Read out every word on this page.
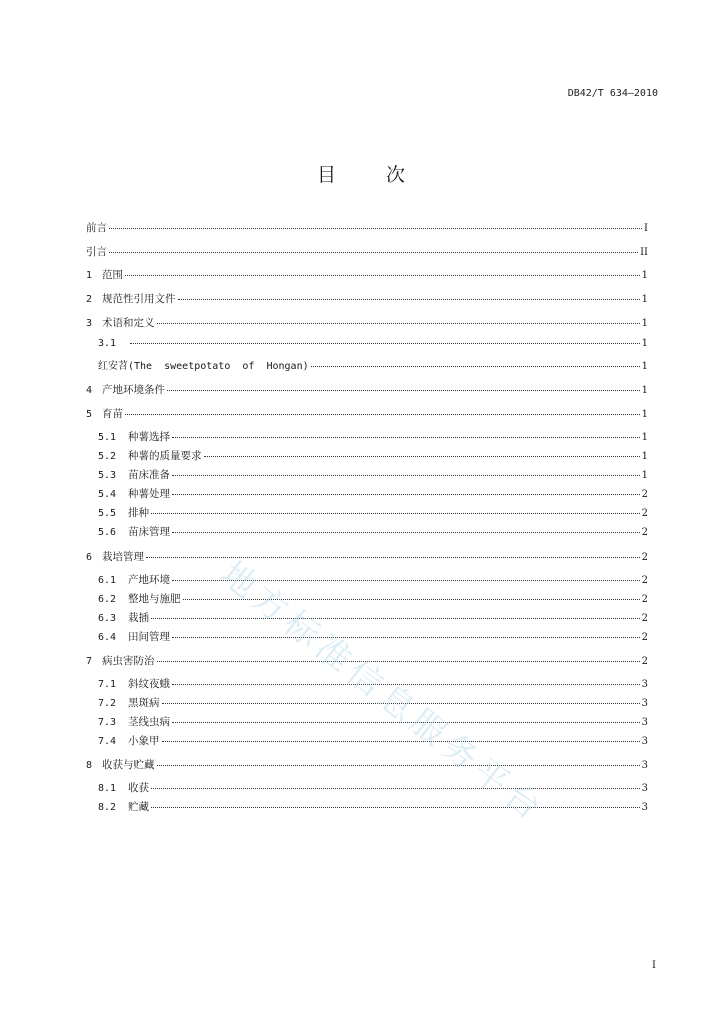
DB42/T 634—2010
目	次
前言	I
引言	II
1 范围	1
2 规范性引用文件	1
3 术语和定义	1
3.1	1
红安苕(The  sweetpotato  of  Hongan)	1
4 产地环境条件	1
5 育苗	1
5.1	种薯选择	1
5.2	种薯的质量要求	1
5.3	苗床准备	1
5.4	种薯处理	2
5.5	排种	2
5.6	苗床管理	2
6 栽培管理	2
6.1	产地环境	2
6.2	整地与施肥	2
6.3	栽插	2
6.4	田间管理	2
7 病虫害防治	2
7.1	斜纹夜蛾	3
7.2	黑斑病	3
7.3	茎线虫病	3
7.4	小象甲	3
8 收获与贮藏	3
8.1	收获	3
8.2	贮藏	3
地方标准信息服务平台
I
